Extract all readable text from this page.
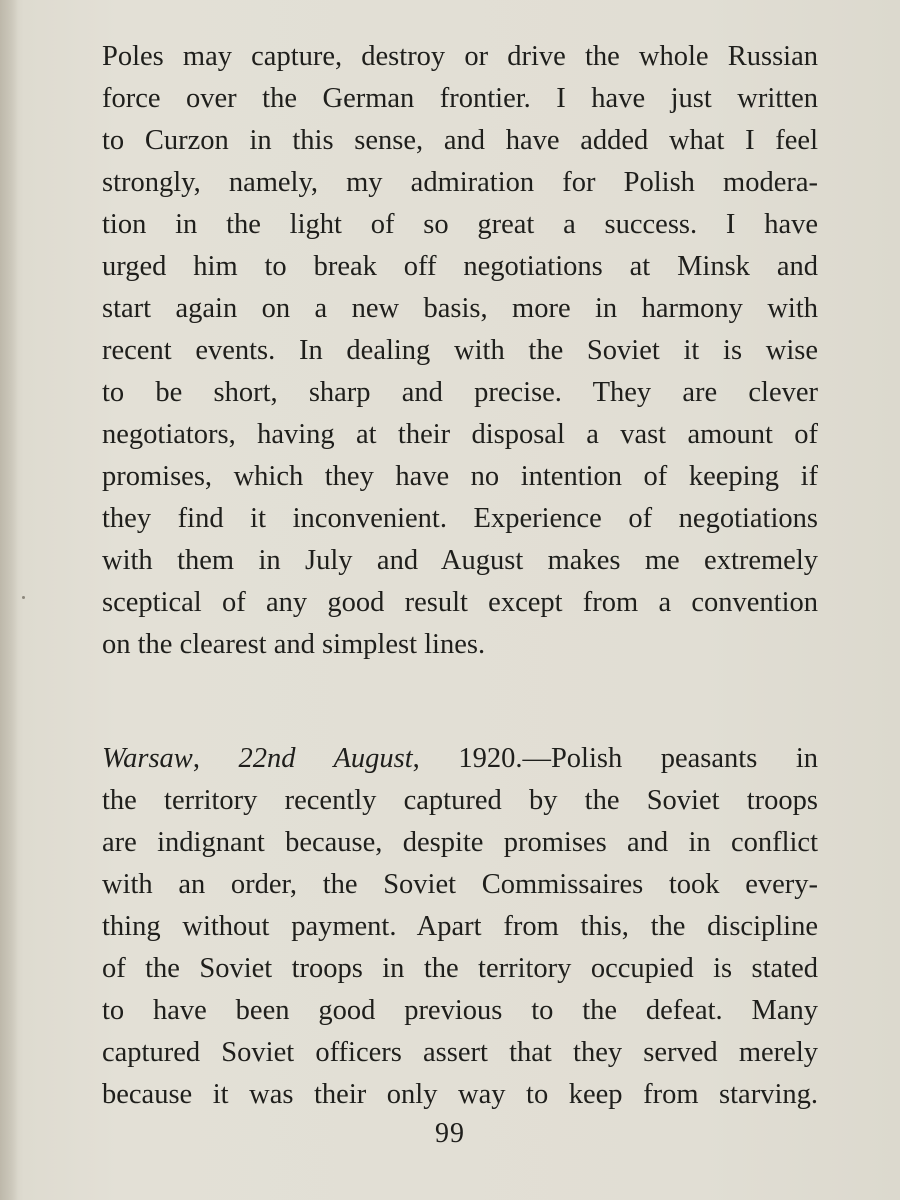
Poles may capture, destroy or drive the whole Russian
force over the German frontier. I have just written
to Curzon in this sense, and have added what I feel
strongly, namely, my admiration for Polish modera-
tion in the light of so great a success. I have
urged him to break off negotiations at Minsk and
start again on a new basis, more in harmony with
recent events. In dealing with the Soviet it is wise
to be short, sharp and precise. They are clever
negotiators, having at their disposal a vast amount of
promises, which they have no intention of keeping if
they find it inconvenient. Experience of negotiations
with them in July and August makes me extremely
sceptical of any good result except from a convention
on the clearest and simplest lines.
Warsaw, 22nd August, 1920.—Polish peasants in
the territory recently captured by the Soviet troops
are indignant because, despite promises and in conflict
with an order, the Soviet Commissaires took every-
thing without payment. Apart from this, the discipline
of the Soviet troops in the territory occupied is stated
to have been good previous to the defeat. Many
captured Soviet officers assert that they served merely
because it was their only way to keep from starving.
99
